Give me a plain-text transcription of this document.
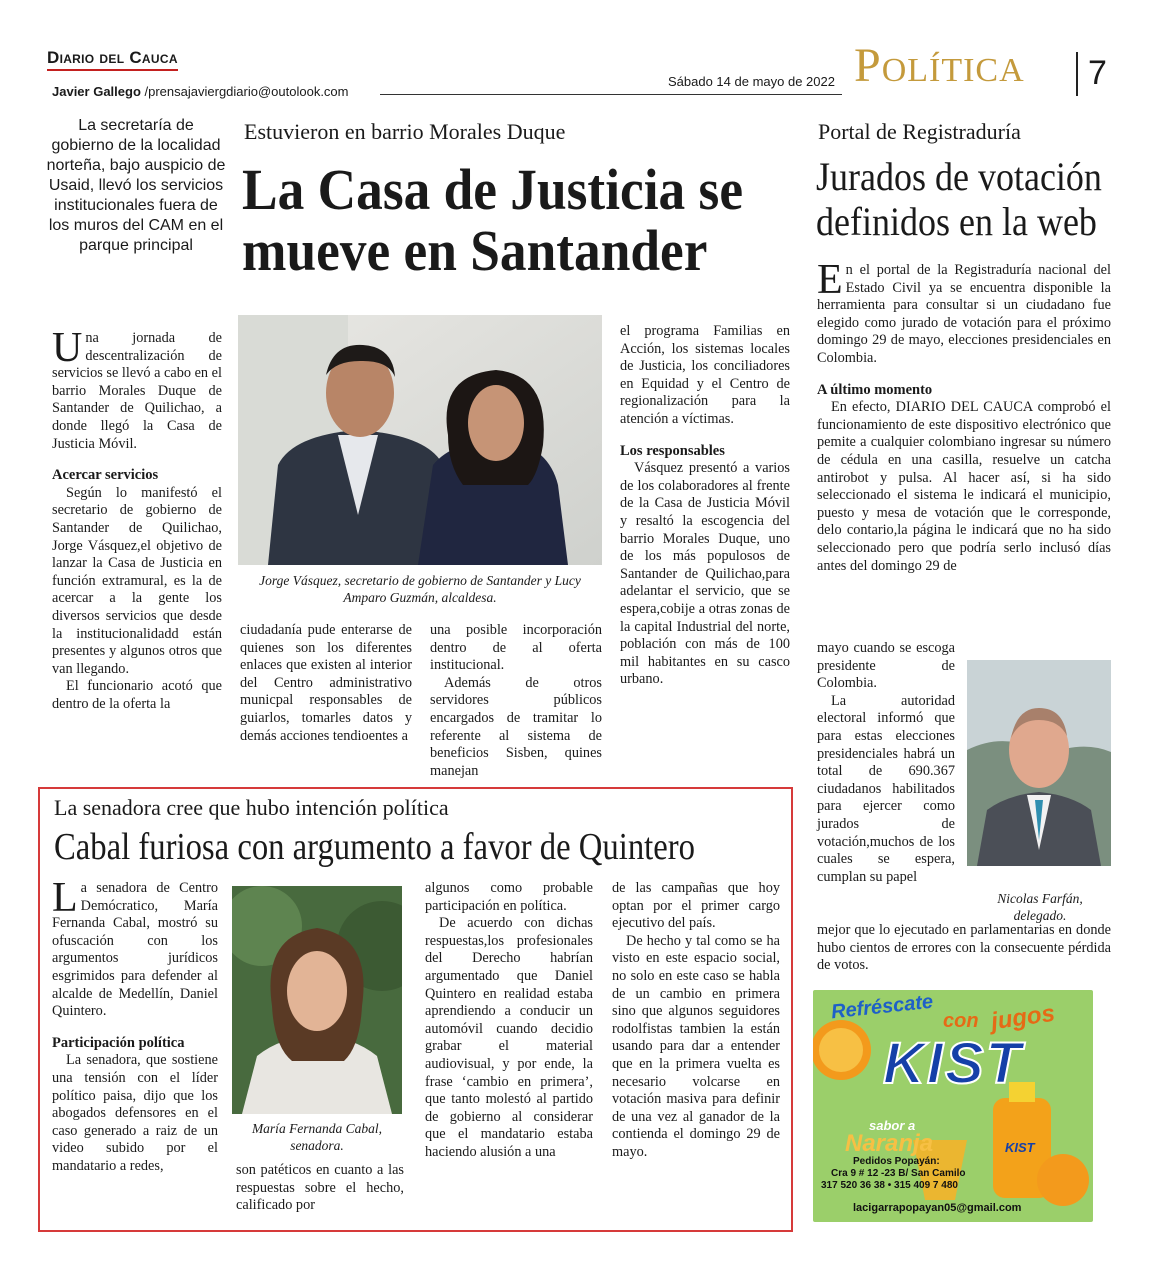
Diario del Cauca
Javier Gallego /prensajaviergdiario@outolook.com
Sábado 14 de mayo de 2022 Política 7
La secretaría de gobierno de la localidad norteña, bajo auspicio de Usaid, llevó los servicios institucionales fuera de los muros del CAM en el parque principal
Estuvieron en barrio Morales Duque
La Casa de Justicia se mueve en Santander

Una jornada de descentralización de servicios se llevó a cabo en el barrio Morales Duque de Santander de Quilichao, a donde llegó la Casa de Justicia Móvil.

Acercar servicios

Según lo manifestó el secretario de gobierno de Santander de Quilichao, Jorge Vásquez,el objetivo de lanzar la Casa de Justicia en función extramural, es la de acercar a la gente los diversos servicios que desde la institucionalidadd están presentes y algunos otros que van llegando.

El funcionario acotó que dentro de la oferta la

Jorge Vásquez, secretario de gobierno de Santander y Lucy Amparo Guzmán, alcaldesa.
ciudadanía pude enterarse de quienes son los diferentes enlaces que existen al interior del Centro administrativo municpal responsables de guiarlos, tomarles datos y demás acciones tendioentes a

una posible incorporación dentro de al oferta institucional.

Además de otros servidores públicos encargados de tramitar lo referente al sistema de beneficios Sisben, quines manejan

el programa Familias en Acción, los sistemas locales de Justicia, los conciliadores en Equidad y el Centro de regionalización para la atención a víctimas.

Los responsables

Vásquez presentó a varios de los colaboradores al frente de la Casa de Justicia Móvil y resaltó la escogencia del barrio Morales Duque, uno de los más populosos de Santander de Quilichao,para adelantar el servicio, que se espera,cobije a otras zonas de la capital Industrial del norte, población con más de 100 mil habitantes en su casco urbano.

Portal de Registraduría
Jurados de votación definidos en la web

En el portal de la Registraduría nacional del Estado Civil ya se encuentra disponible la herramienta para consultar si un ciudadano fue elegido como jurado de votación para el próximo domingo 29 de mayo, elecciones presidenciales en Colombia.

A último momento

En efecto, DIARIO DEL CAUCA comprobó el funcionamiento de este dispositivo electrónico que pemite a cualquier colombiano ingresar su número de cédula en una casilla, resuelve un catcha antirobot y pulsa. Al hacer así, si ha sido seleccionado el sistema le indicará el municipio, puesto y mesa de votación que le corresponde, delo contario,la página le indicará que no ha sido seleccionado pero que podría serlo inclusó días antes del domingo 29 de

mayo cuando se escoga presidente de Colombia.

La autoridad electoral informó que para estas elecciones presidenciales habrá un total de 690.367 ciudadanos habilitados para ejercer como jurados de votación,muchos de los cuales se espera, cumplan su papel

mejor que lo ejecutado en parlamentarias en donde hubo cientos de errores con la consecuente pérdida de votos.
Nicolas Farfán, delegado.
La senadora cree que hubo intención política
Cabal furiosa con argumento a favor de Quintero

La senadora de Centro Demócratico, María Fernanda Cabal, mostró su ofuscación con los argumentos jurídicos esgrimidos para defender al alcalde de Medellín, Daniel Quintero.

Participación política

La senadora, que sostiene una tensión con el líder político paisa, dijo que los abogados defensores en el caso generado a raiz de un video subido por el mandatario a redes,

María Fernanda Cabal, senadora.
son patéticos en cuanto a las respuestas sobre el hecho, calificado por

algunos como probable participación en política.

De acuerdo con dichas respuestas,los profesionales del Derecho habrían argumentado que Daniel Quintero en realidad estaba aprendiendo a conducir un automóvil cuando decidio grabar el material audiovisual, y por ende, la frase ‘cambio en primera’, que tanto molestó al partido de gobierno al considerar que el mandatario estaba haciendo alusión a una

de las campañas que hoy optan por el primer cargo ejecutivo del país.

De hecho y tal como se ha visto en este espacio social, no solo en este caso se habla de un cambio en primera sino que algunos seguidores rodolfistas tambien la están usando para dar a entender que en la primera vuelta es necesario volcarse en votación masiva para definir de una vez al ganador de la contienda el domingo 29 de mayo.

Refréscate con jugos
KIST
KIST
sabor a
Naranja
Pedidos Popayán:
Cra 9 # 12 -23 B/ San Camilo
317 520 36 38 • 315 409 7 480
lacigarrapopayan05@gmail.com
